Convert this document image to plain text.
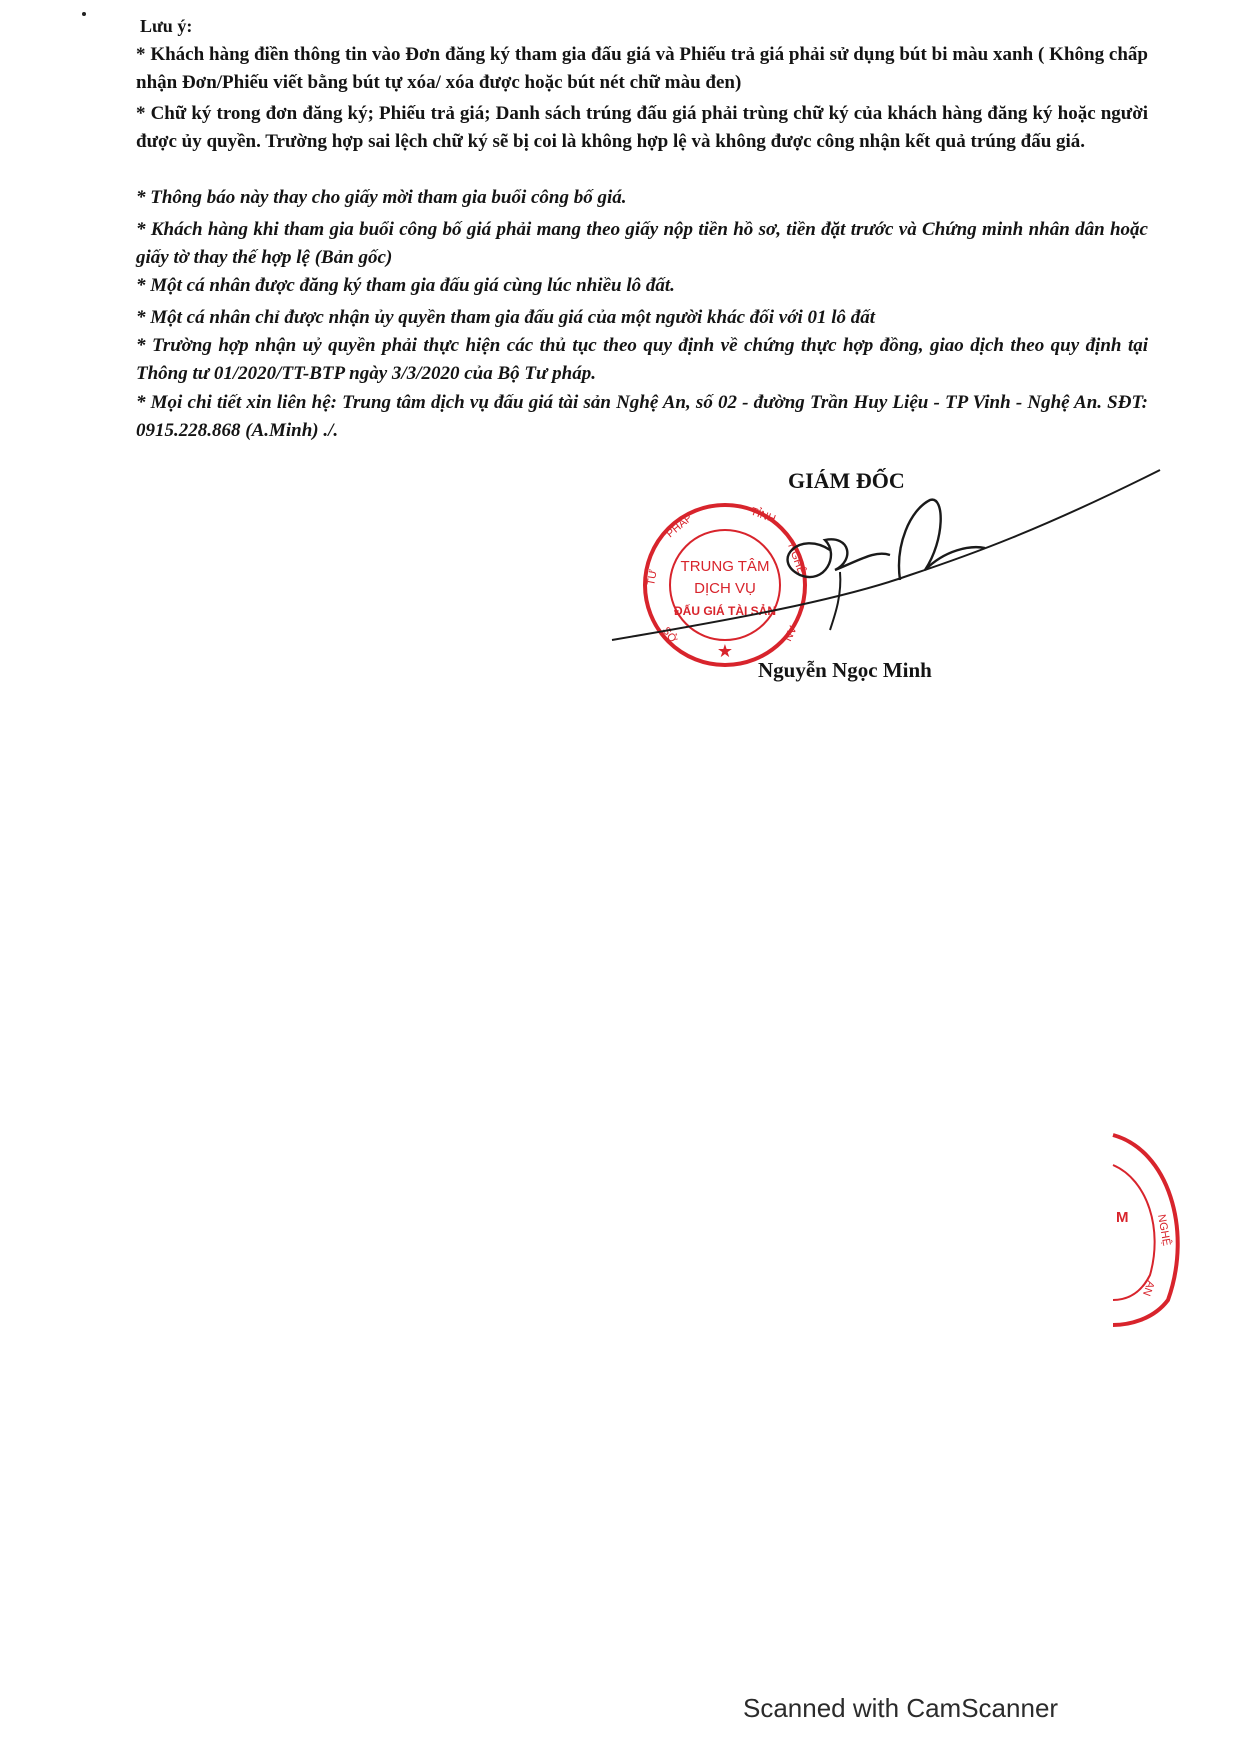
Lưu ý:
* Khách hàng điền thông tin vào Đơn đăng ký tham gia đấu giá và Phiếu trả giá phải sử dụng bút bi màu xanh ( Không chấp nhận Đơn/Phiếu viết bằng bút tự xóa/ xóa được hoặc bút nét chữ màu đen)
* Chữ ký trong đơn đăng ký; Phiếu trả giá; Danh sách trúng đấu giá phải trùng chữ ký của khách hàng đăng ký hoặc người được ủy quyền. Trường hợp sai lệch chữ ký sẽ bị coi là không hợp lệ và không được công nhận kết quả trúng đấu giá.
* Thông báo này thay cho giấy mời tham gia buổi công bố giá.
* Khách hàng khi tham gia buổi công bố giá phải mang theo giấy nộp tiền hồ sơ, tiền đặt trước và Chứng minh nhân dân hoặc giấy tờ thay thế hợp lệ (Bản gốc)
* Một cá nhân được đăng ký tham gia đấu giá cùng lúc nhiều lô đất.
* Một cá nhân chỉ được nhận ủy quyền tham gia đấu giá của một người khác đối với 01 lô đất
* Trường hợp nhận uỷ quyền phải thực hiện các thủ tục theo quy định về chứng thực hợp đồng, giao dịch theo quy định tại Thông tư 01/2020/TT-BTP ngày 3/3/2020 của Bộ Tư pháp.
* Mọi chi tiết xin liên hệ: Trung tâm dịch vụ đấu giá tài sản Nghệ An, số 02 - đường Trần Huy Liệu - TP Vinh - Nghệ An. SĐT: 0915.228.868 (A.Minh) ./.
GIÁM ĐỐC
TRUNG TÂM
DỊCH VỤ
ĐẤU GIÁ TÀI SẢN
SỞ
TƯ
PHÁP	TỈNH
NGHỆ
AN
★
Nguyễn Ngọc Minh
NGHỆ
AN
M
Scanned with CamScanner
